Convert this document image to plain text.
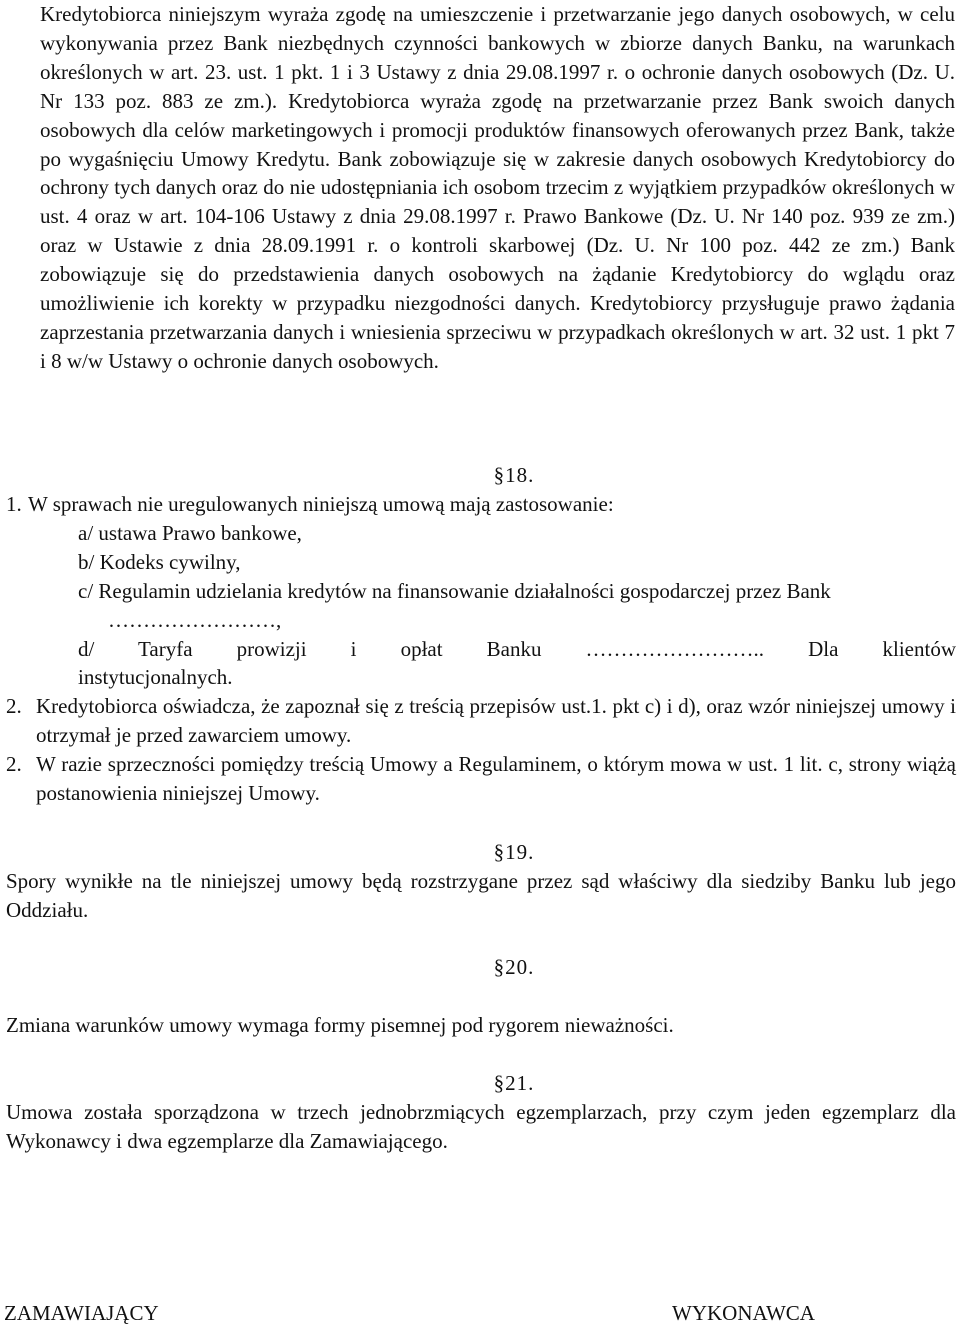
Kredytobiorca niniejszym wyraża zgodę na umieszczenie i przetwarzanie jego danych osobowych, w celu wykonywania przez Bank niezbędnych czynności bankowych w zbiorze danych Banku, na warunkach określonych w art. 23. ust. 1 pkt. 1 i 3 Ustawy z dnia 29.08.1997 r. o ochronie danych osobowych (Dz. U. Nr 133 poz. 883 ze zm.). Kredytobiorca wyraża zgodę na przetwarzanie przez Bank swoich danych osobowych dla celów marketingowych i promocji produktów finansowych oferowanych przez Bank, także po wygaśnięciu Umowy Kredytu. Bank zobowiązuje się w zakresie danych osobowych Kredytobiorcy do ochrony tych danych oraz do nie udostępniania ich osobom trzecim z wyjątkiem przypadków określonych w ust. 4 oraz w art. 104-106 Ustawy z dnia 29.08.1997 r. Prawo Bankowe (Dz. U. Nr 140 poz. 939 ze zm.) oraz w Ustawie z dnia 28.09.1991 r. o kontroli skarbowej (Dz. U. Nr 100 poz. 442 ze zm.) Bank zobowiązuje się do przedstawienia danych osobowych na żądanie Kredytobiorcy do wglądu oraz umożliwienie ich korekty w przypadku niezgodności danych. Kredytobiorcy przysługuje prawo żądania zaprzestania przetwarzania danych i wniesienia sprzeciwu w przypadkach określonych w art. 32 ust. 1 pkt 7 i 8 w/w Ustawy o ochronie danych osobowych.

§18.
1. W sprawach nie uregulowanych niniejszą umową mają zastosowanie:
a/ ustawa Prawo bankowe,
b/ Kodeks cywilny,
c/ Regulamin udzielania kredytów na finansowanie działalności gospodarczej przez Bank
……………………,
d/ Taryfa prowizji i opłat Banku …………………….. Dla klientów
instytucjonalnych.
2. Kredytobiorca oświadcza, że zapoznał się z treścią przepisów ust.1. pkt c) i d), oraz wzór niniejszej umowy i otrzymał je przed zawarciem umowy.
2. W razie sprzeczności pomiędzy treścią Umowy a Regulaminem, o którym mowa w ust. 1 lit. c, strony wiążą postanowienia niniejszej Umowy.
§19.
Spory wynikłe na tle niniejszej umowy będą rozstrzygane przez sąd właściwy dla siedziby Banku lub jego Oddziału.
§20.
Zmiana warunków umowy wymaga formy pisemnej pod rygorem nieważności.
§21.
Umowa została sporządzona w trzech jednobrzmiących egzemplarzach, przy czym jeden egzemplarz dla Wykonawcy i dwa egzemplarze dla Zamawiającego.
ZAMAWIAJĄCY	WYKONAWCA
